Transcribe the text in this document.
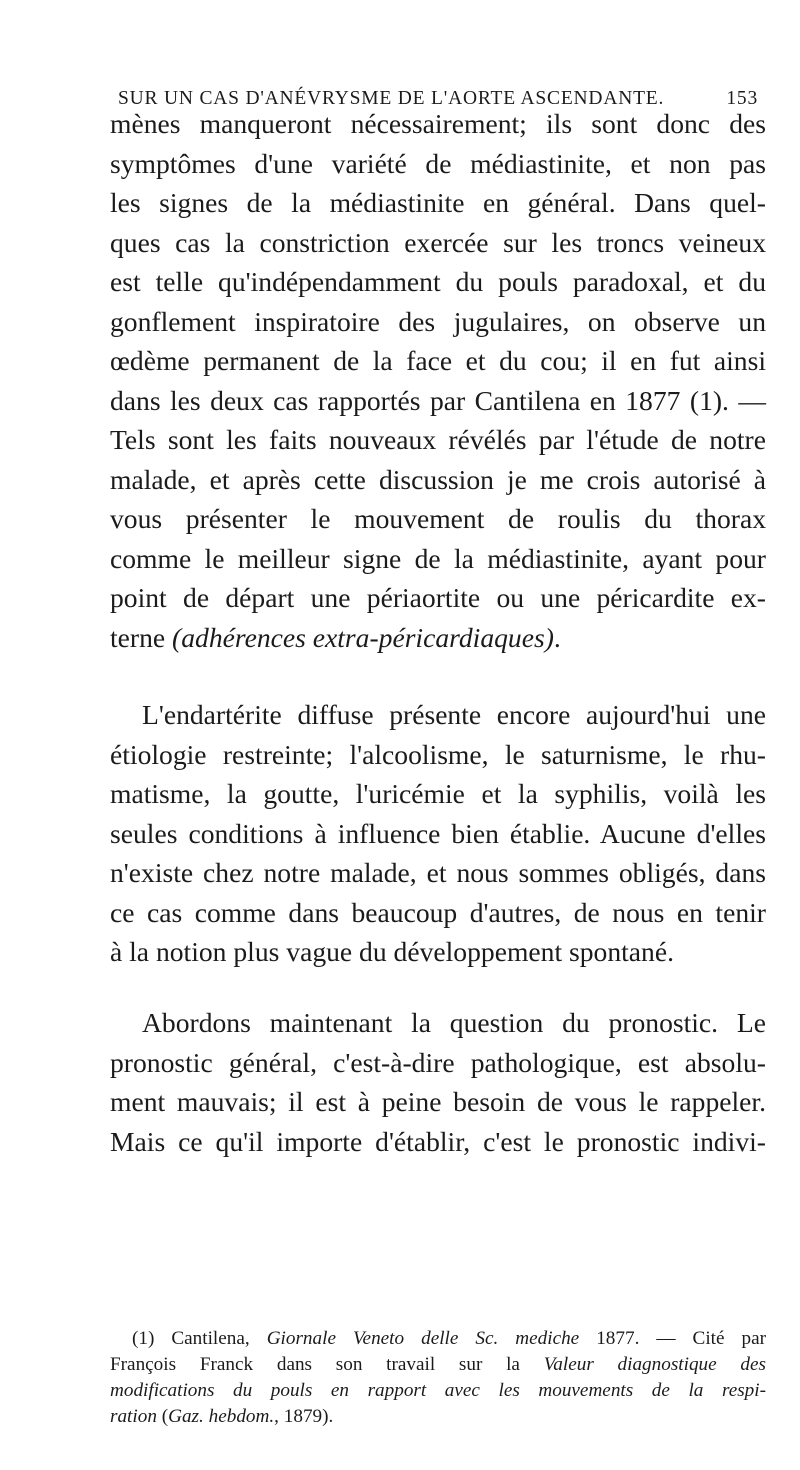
SUR UN CAS D'ANÉVRYSME DE L'AORTE ASCENDANTE.	153
mènes manqueront nécessairement; ils sont donc des
symptômes d'une variété de médiastinite, et non pas
les signes de la médiastinite en général. Dans quel-
ques cas la constriction exercée sur les troncs veineux
est telle qu'indépendamment du pouls paradoxal, et du
gonflement inspiratoire des jugulaires, on observe un
œdème permanent de la face et du cou; il en fut ainsi
dans les deux cas rapportés par Cantilena en 1877 (1). —
Tels sont les faits nouveaux révélés par l'étude de notre
malade, et après cette discussion je me crois autorisé à
vous présenter le mouvement de roulis du thorax
comme le meilleur signe de la médiastinite, ayant pour
point de départ une périaortite ou une péricardite ex-
terne (adhérences extra-péricardiaques).
L'endartérite diffuse présente encore aujourd'hui une
étiologie restreinte; l'alcoolisme, le saturnisme, le rhu-
matisme, la goutte, l'uricémie et la syphilis, voilà les
seules conditions à influence bien établie. Aucune d'elles
n'existe chez notre malade, et nous sommes obligés, dans
ce cas comme dans beaucoup d'autres, de nous en tenir
à la notion plus vague du développement spontané.
Abordons maintenant la question du pronostic. Le
pronostic général, c'est-à-dire pathologique, est absolu-
ment mauvais; il est à peine besoin de vous le rappeler.
Mais ce qu'il importe d'établir, c'est le pronostic indivi-
(1) Cantilena, Giornale Veneto delle Sc. mediche 1877. — Cité par
François Franck dans son travail sur la Valeur diagnostique des
modifications du pouls en rapport avec les mouvements de la respi-
ration (Gaz. hebdom., 1879).
